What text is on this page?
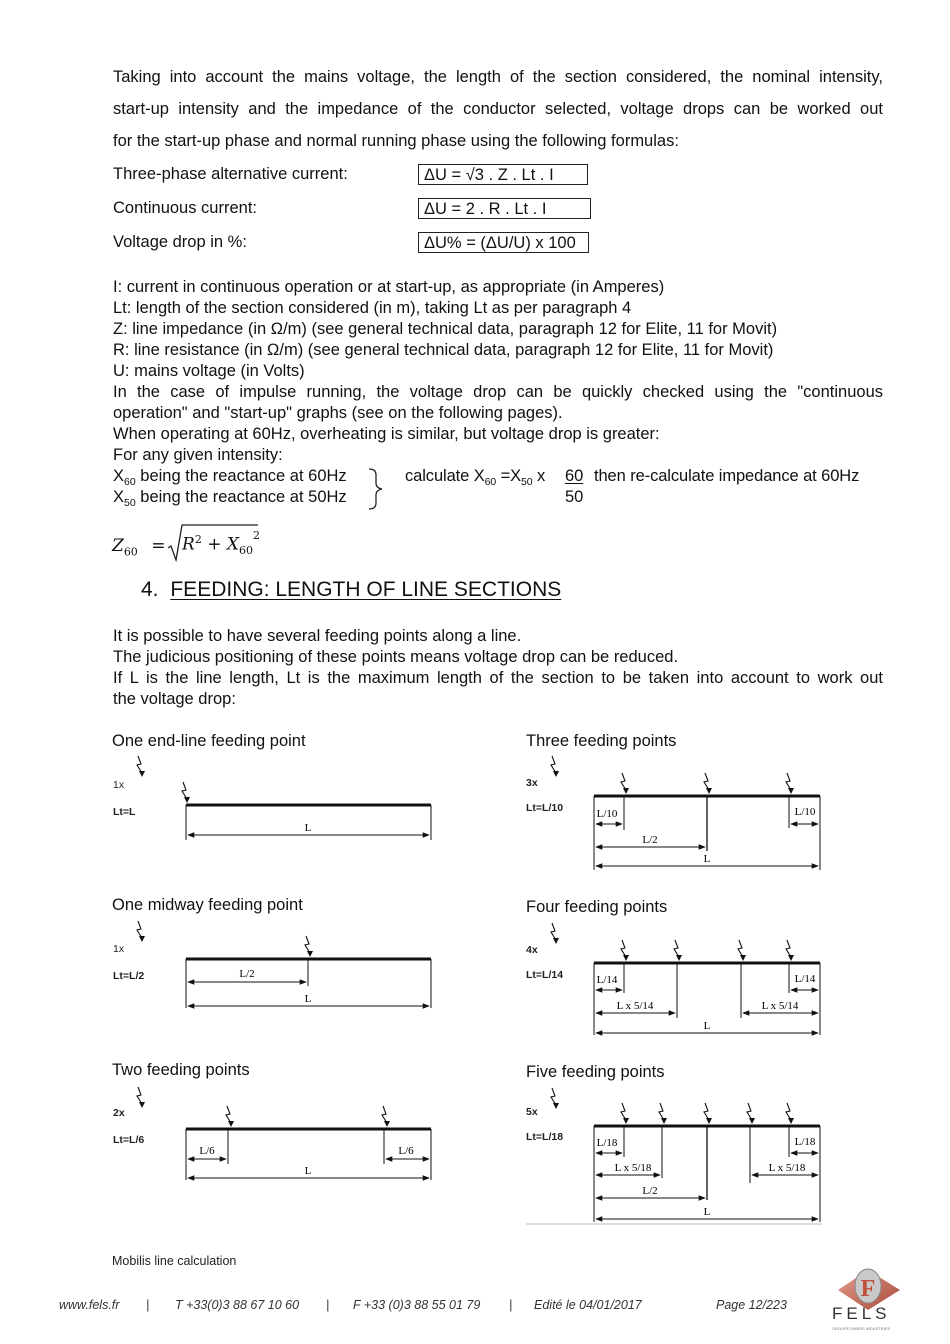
Taking into account the mains voltage, the length of the section considered, the nominal intensity,
start-up intensity and the impedance of the conductor selected, voltage drops can be worked out
for the start-up phase and normal running phase using the following formulas:
Three-phase alternative current:	ΔU = √3 . Z . Lt . I
Continuous current:	ΔU = 2 . R . Lt . I
Voltage drop in %:	ΔU% = (ΔU/U) x 100
I: current in continuous operation or at start-up, as appropriate (in Amperes)
Lt: length of the section considered (in m), taking Lt as per paragraph 4
Z: line impedance (in Ω/m) (see general technical data, paragraph 12 for Elite, 11 for Movit)
R: line resistance (in Ω/m) (see general technical data, paragraph 12 for Elite, 11 for Movit)
U: mains voltage (in Volts)
In the case of impulse running, the voltage drop can be quickly checked using the "continuous
operation" and "start-up" graphs (see on the following pages).
When operating at 60Hz, overheating is similar, but voltage drop is greater:
For any given intensity:
$X_{60}$ being the reactance at 60Hz
$X_{50}$ being the reactance at 50Hz
calculate $X_{60} =X_{50}$ x 60
50
then re-calculate impedance at 60Hz
$Z_{60} = R^2 + X_{60}^2$
4. FEEDING: LENGTH OF LINE SECTIONS
It is possible to have several feeding points along a line.
The judicious positioning of these points means voltage drop can be reduced.
If L is the line length, Lt is the maximum length of the section to be taken into account to work out
the voltage drop:
One end-line feeding point
1x
Lt=L
Three feeding points
3x
Lt=L/10
One midway feeding point
1x
Lt=L/2
Four feeding points
4x
Lt=L/14
Two feeding points
2x
Lt=L/6
Five feeding points
5x
Lt=L/18
L
L/10	L/10
L/2
L
L/2
L
L/14	L/14
L x 5/14	L x 5/14
L
L/6	L/6
L
L/18	L/18
L x 5/18	L x 5/18
L/2
L
Mobilis line calculation
www.fels.fr | T +33(0)3 88 67 10 60 | F +33 (0)3 88 55 01 79 | Edité le 04/01/2017	Page 12/223
F
FELS
GROUPE FABRIS INDUSTRIES
